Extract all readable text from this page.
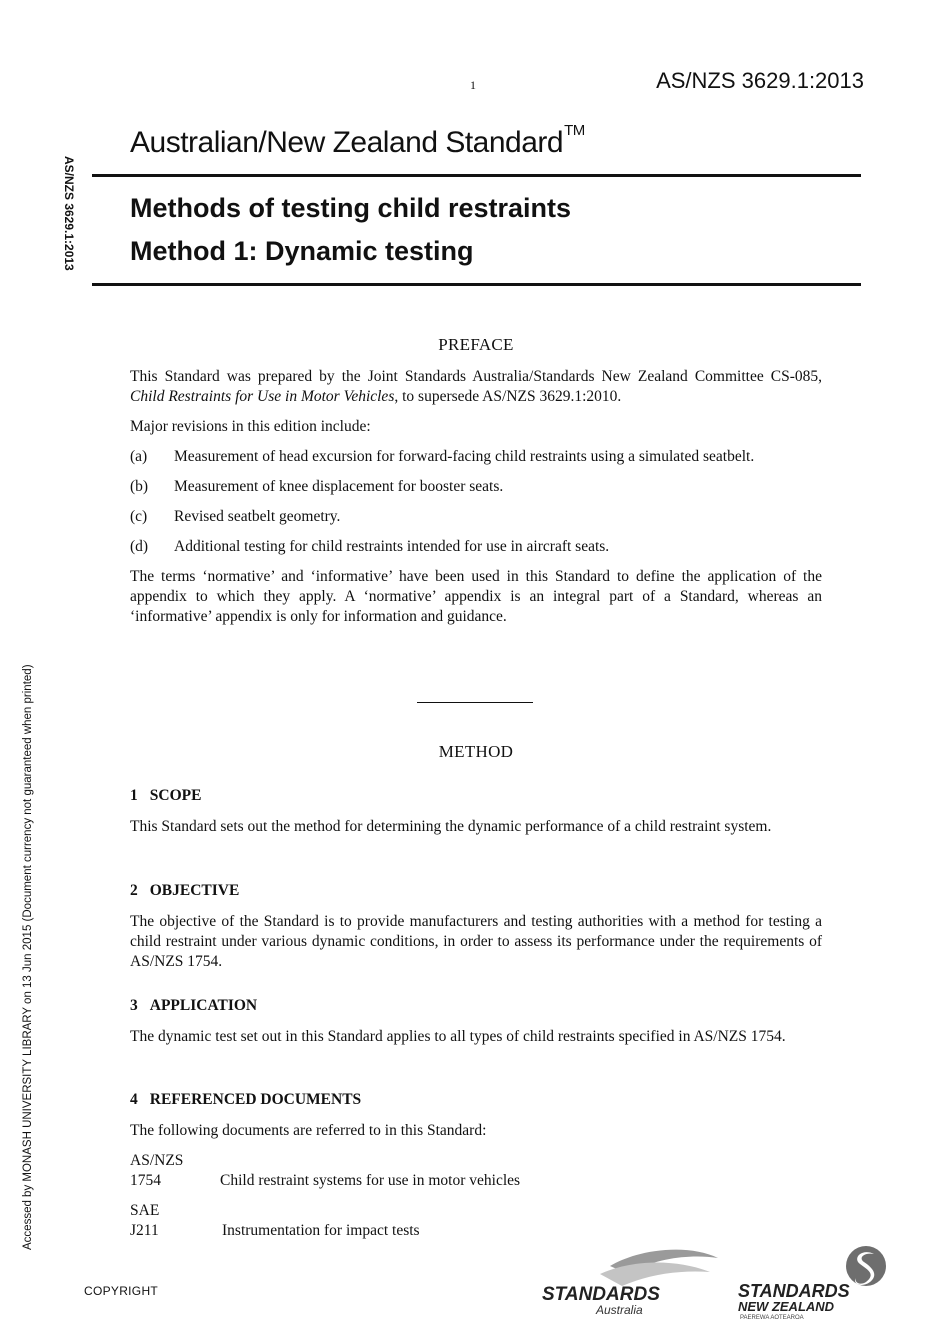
1	AS/NZS 3629.1:2013
Australian/New Zealand Standard™
Methods of testing child restraints
Method 1: Dynamic testing
AS/NZS 3629.1:2013
Accessed by MONASH UNIVERSITY LIBRARY on 13 Jun 2015 (Document currency not guaranteed when printed)
PREFACE

This Standard was prepared by the Joint Standards Australia/Standards New Zealand Committee CS-085, Child Restraints for Use in Motor Vehicles, to supersede AS/NZS 3629.1:2010.

Major revisions in this edition include:

(a)	Measurement of head excursion for forward-facing child restraints using a simulated seatbelt.
(b)	Measurement of knee displacement for booster seats.
(c)	Revised seatbelt geometry.
(d)	Additional testing for child restraints intended for use in aircraft seats.

The terms ‘normative’ and ‘informative’ have been used in this Standard to define the application of the appendix to which they apply. A ‘normative’ appendix is an integral part of a Standard, whereas an ‘informative’ appendix is only for information and guidance.

METHOD
1 SCOPE

This Standard sets out the method for determining the dynamic performance of a child restraint system.

2 OBJECTIVE

The objective of the Standard is to provide manufacturers and testing authorities with a method for testing a child restraint under various dynamic conditions, in order to assess its performance under the requirements of AS/NZS 1754.

3 APPLICATION

The dynamic test set out in this Standard applies to all types of child restraints specified in AS/NZS 1754.

4 REFERENCED DOCUMENTS

The following documents are referred to in this Standard:

AS/NZS
1754	Child restraint systems for use in motor vehicles
SAE
J211	Instrumentation for impact tests
COPYRIGHT	STANDARDS
Australia
STANDARDS
NEW ZEALAND
PAEREWA AOTEAROA
